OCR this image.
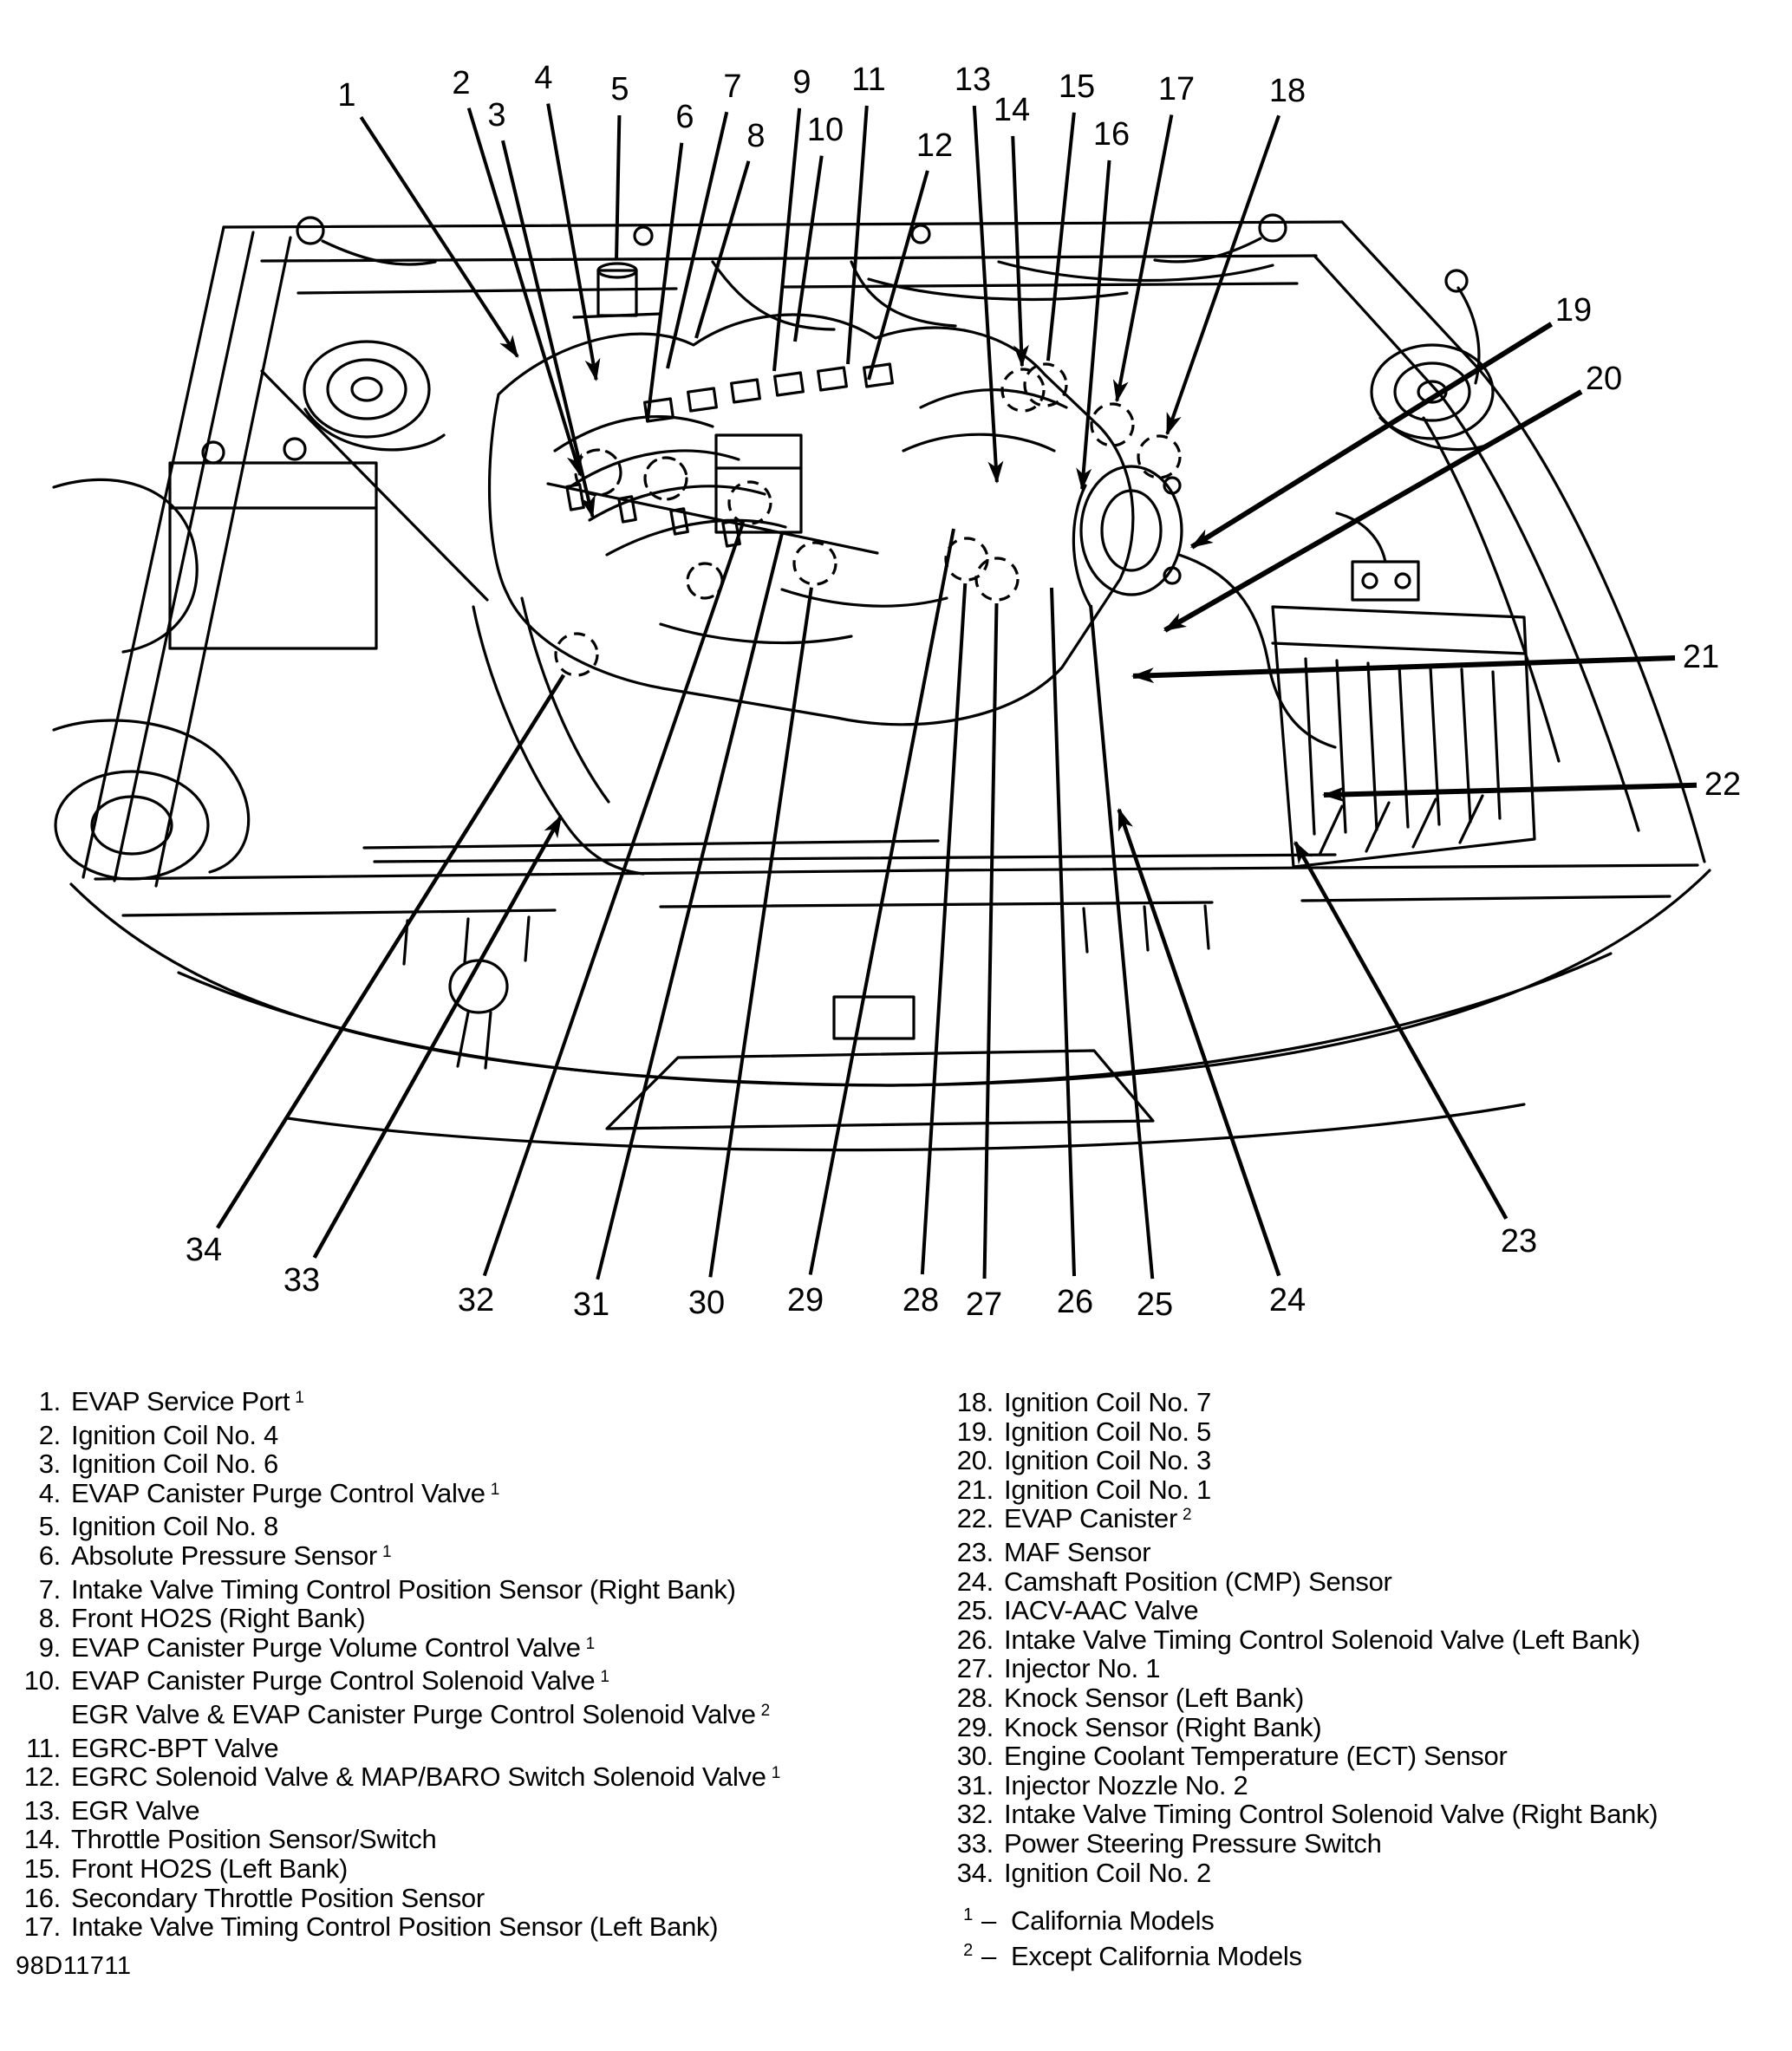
1	2
3
4 5
6
7
8
9
10
11
12
13
14
15
16
17 18
19
20
21
22
23
24
25
26
27
28
29
30
31
32
33
34
1. EVAP Service Port $^1$
2. Ignition Coil No. 4
3. Ignition Coil No. 6
4. EVAP Canister Purge Control Valve $^1$
5. Ignition Coil No. 8
6. Absolute Pressure Sensor $^1$
7. Intake Valve Timing Control Position Sensor (Right Bank)
8. Front HO2S (Right Bank)
9. EVAP Canister Purge Volume Control Valve $^1$
10. EVAP Canister Purge Control Solenoid Valve $^1$
EGR Valve & EVAP Canister Purge Control Solenoid Valve $^2$
11. EGRC-BPT Valve
12. EGRC Solenoid Valve & MAP/BARO Switch Solenoid Valve $^1$
13. EGR Valve
14. Throttle Position Sensor/Switch
15. Front HO2S (Left Bank)
16. Secondary Throttle Position Sensor
17. Intake Valve Timing Control Position Sensor (Left Bank)
18. Ignition Coil No. 7
19. Ignition Coil No. 5
20. Ignition Coil No. 3
21. Ignition Coil No. 1
22. EVAP Canister $^2$
23. MAF Sensor
24. Camshaft Position (CMP) Sensor
25. IACV-AAC Valve
26. Intake Valve Timing Control Solenoid Valve (Left Bank)
27. Injector No. 1
28. Knock Sensor (Left Bank)
29. Knock Sensor (Right Bank)
30. Engine Coolant Temperature (ECT) Sensor
31. Injector Nozzle No. 2
32. Intake Valve Timing Control Solenoid Valve (Right Bank)
33. Power Steering Pressure Switch
34. Ignition Coil No. 2
1 – California Models
2 – Except California Models
98D11711
